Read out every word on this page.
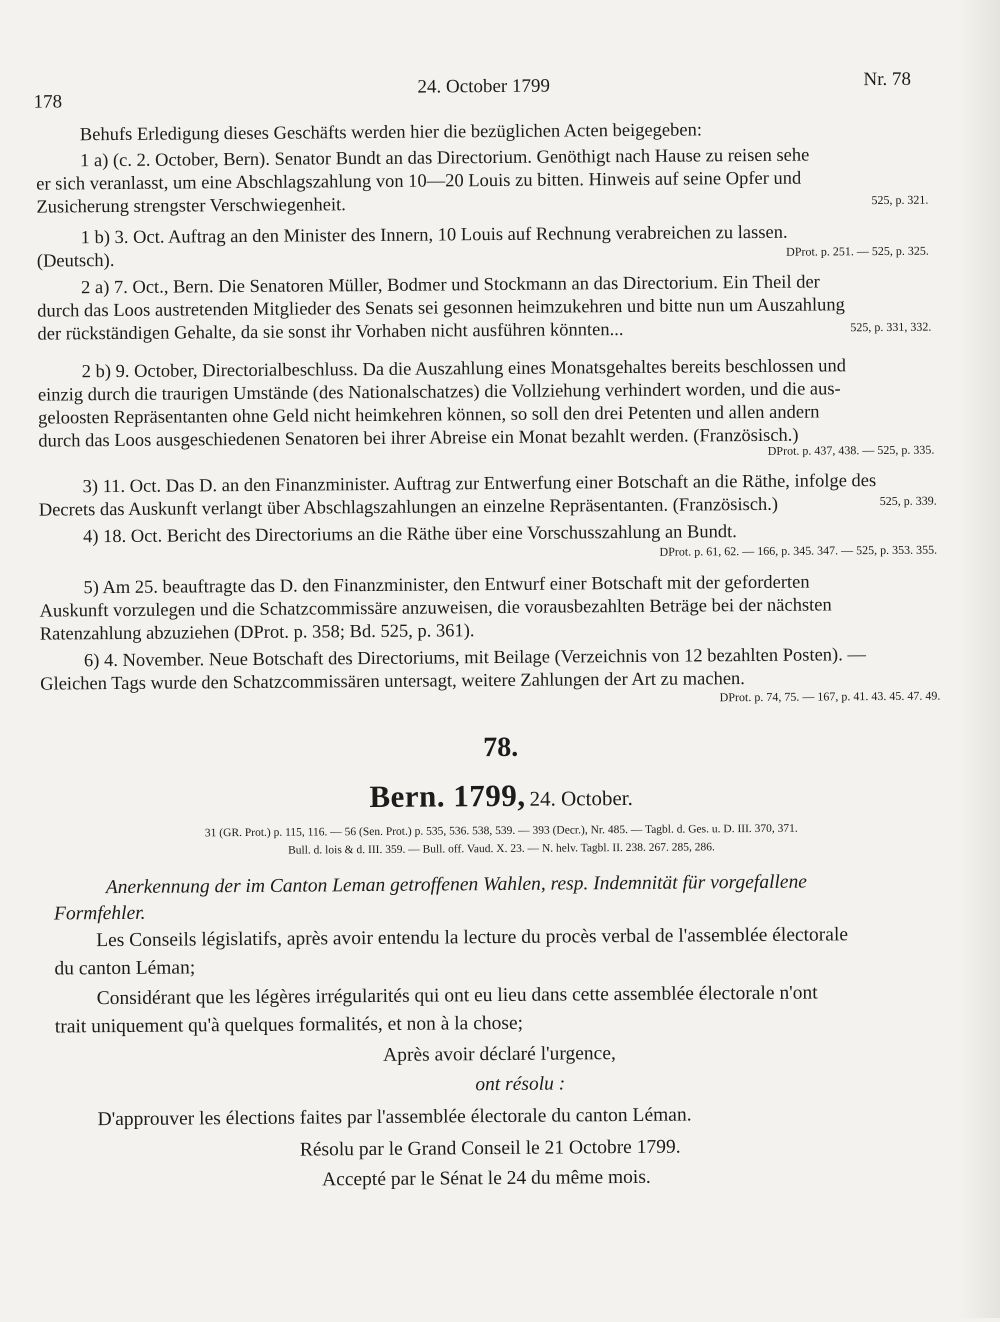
178
24. October 1799	Nr. 78
Behufs Erledigung dieses Geschäfts werden hier die bezüglichen Acten beigegeben:
1 a) (c. 2. October, Bern). Senator Bundt an das Directorium. Genöthigt nach Hause zu reisen sehe
er sich veranlasst, um eine Abschlagszahlung von 10—20 Louis zu bitten. Hinweis auf seine Opfer und
Zusicherung strengster Verschwiegenheit.	525, p. 321.
1 b) 3. Oct. Auftrag an den Minister des Innern, 10 Louis auf Rechnung verabreichen zu lassen.
(Deutsch).	DProt. p. 251. — 525, p. 325.
2 a) 7. Oct., Bern. Die Senatoren Müller, Bodmer und Stockmann an das Directorium. Ein Theil der
durch das Loos austretenden Mitglieder des Senats sei gesonnen heimzukehren und bitte nun um Auszahlung
der rückständigen Gehalte, da sie sonst ihr Vorhaben nicht ausführen könnten...	525, p. 331, 332.
2 b) 9. October, Directorialbeschluss. Da die Auszahlung eines Monatsgehaltes bereits beschlossen und
einzig durch die traurigen Umstände (des Nationalschatzes) die Vollziehung verhindert worden, und die aus-
geloosten Repräsentanten ohne Geld nicht heimkehren können, so soll den drei Petenten und allen andern
durch das Loos ausgeschiedenen Senatoren bei ihrer Abreise ein Monat bezahlt werden. (Französisch.)
DProt. p. 437, 438. — 525, p. 335.
3) 11. Oct. Das D. an den Finanzminister. Auftrag zur Entwerfung einer Botschaft an die Räthe, infolge des
Decrets das Auskunft verlangt über Abschlagszahlungen an einzelne Repräsentanten. (Französisch.)	525, p. 339.
4) 18. Oct. Bericht des Directoriums an die Räthe über eine Vorschusszahlung an Bundt.
DProt. p. 61, 62. — 166, p. 345. 347. — 525, p. 353. 355.
5) Am 25. beauftragte das D. den Finanzminister, den Entwurf einer Botschaft mit der geforderten
Auskunft vorzulegen und die Schatzcommissäre anzuweisen, die vorausbezahlten Beträge bei der nächsten
Ratenzahlung abzuziehen (DProt. p. 358; Bd. 525, p. 361).
6) 4. November. Neue Botschaft des Directoriums, mit Beilage (Verzeichnis von 12 bezahlten Posten). —
Gleichen Tags wurde den Schatzcommissären untersagt, weitere Zahlungen der Art zu machen.
DProt. p. 74, 75. — 167, p. 41. 43. 45. 47. 49.
78.
Bern. 1799, 24. October.
31 (GR. Prot.) p. 115, 116. — 56 (Sen. Prot.) p. 535, 536. 538, 539. — 393 (Decr.), Nr. 485. — Tagbl. d. Ges. u. D. III. 370, 371.
Bull. d. lois & d. III. 359. — Bull. off. Vaud. X. 23. — N. helv. Tagbl. II. 238. 267. 285, 286.
Anerkennung der im Canton Leman getroffenen Wahlen, resp. Indemnität für vorgefallene
Formfehler.
Les Conseils législatifs, après avoir entendu la lecture du procès verbal de l'assemblée électorale
du canton Léman;
Considérant que les légères irrégularités qui ont eu lieu dans cette assemblée électorale n'ont
trait uniquement qu'à quelques formalités, et non à la chose;
Après avoir déclaré l'urgence,
ont résolu :
D'approuver les élections faites par l'assemblée électorale du canton Léman.
Résolu par le Grand Conseil le 21 Octobre 1799.
Accepté par le Sénat le 24 du même mois.
